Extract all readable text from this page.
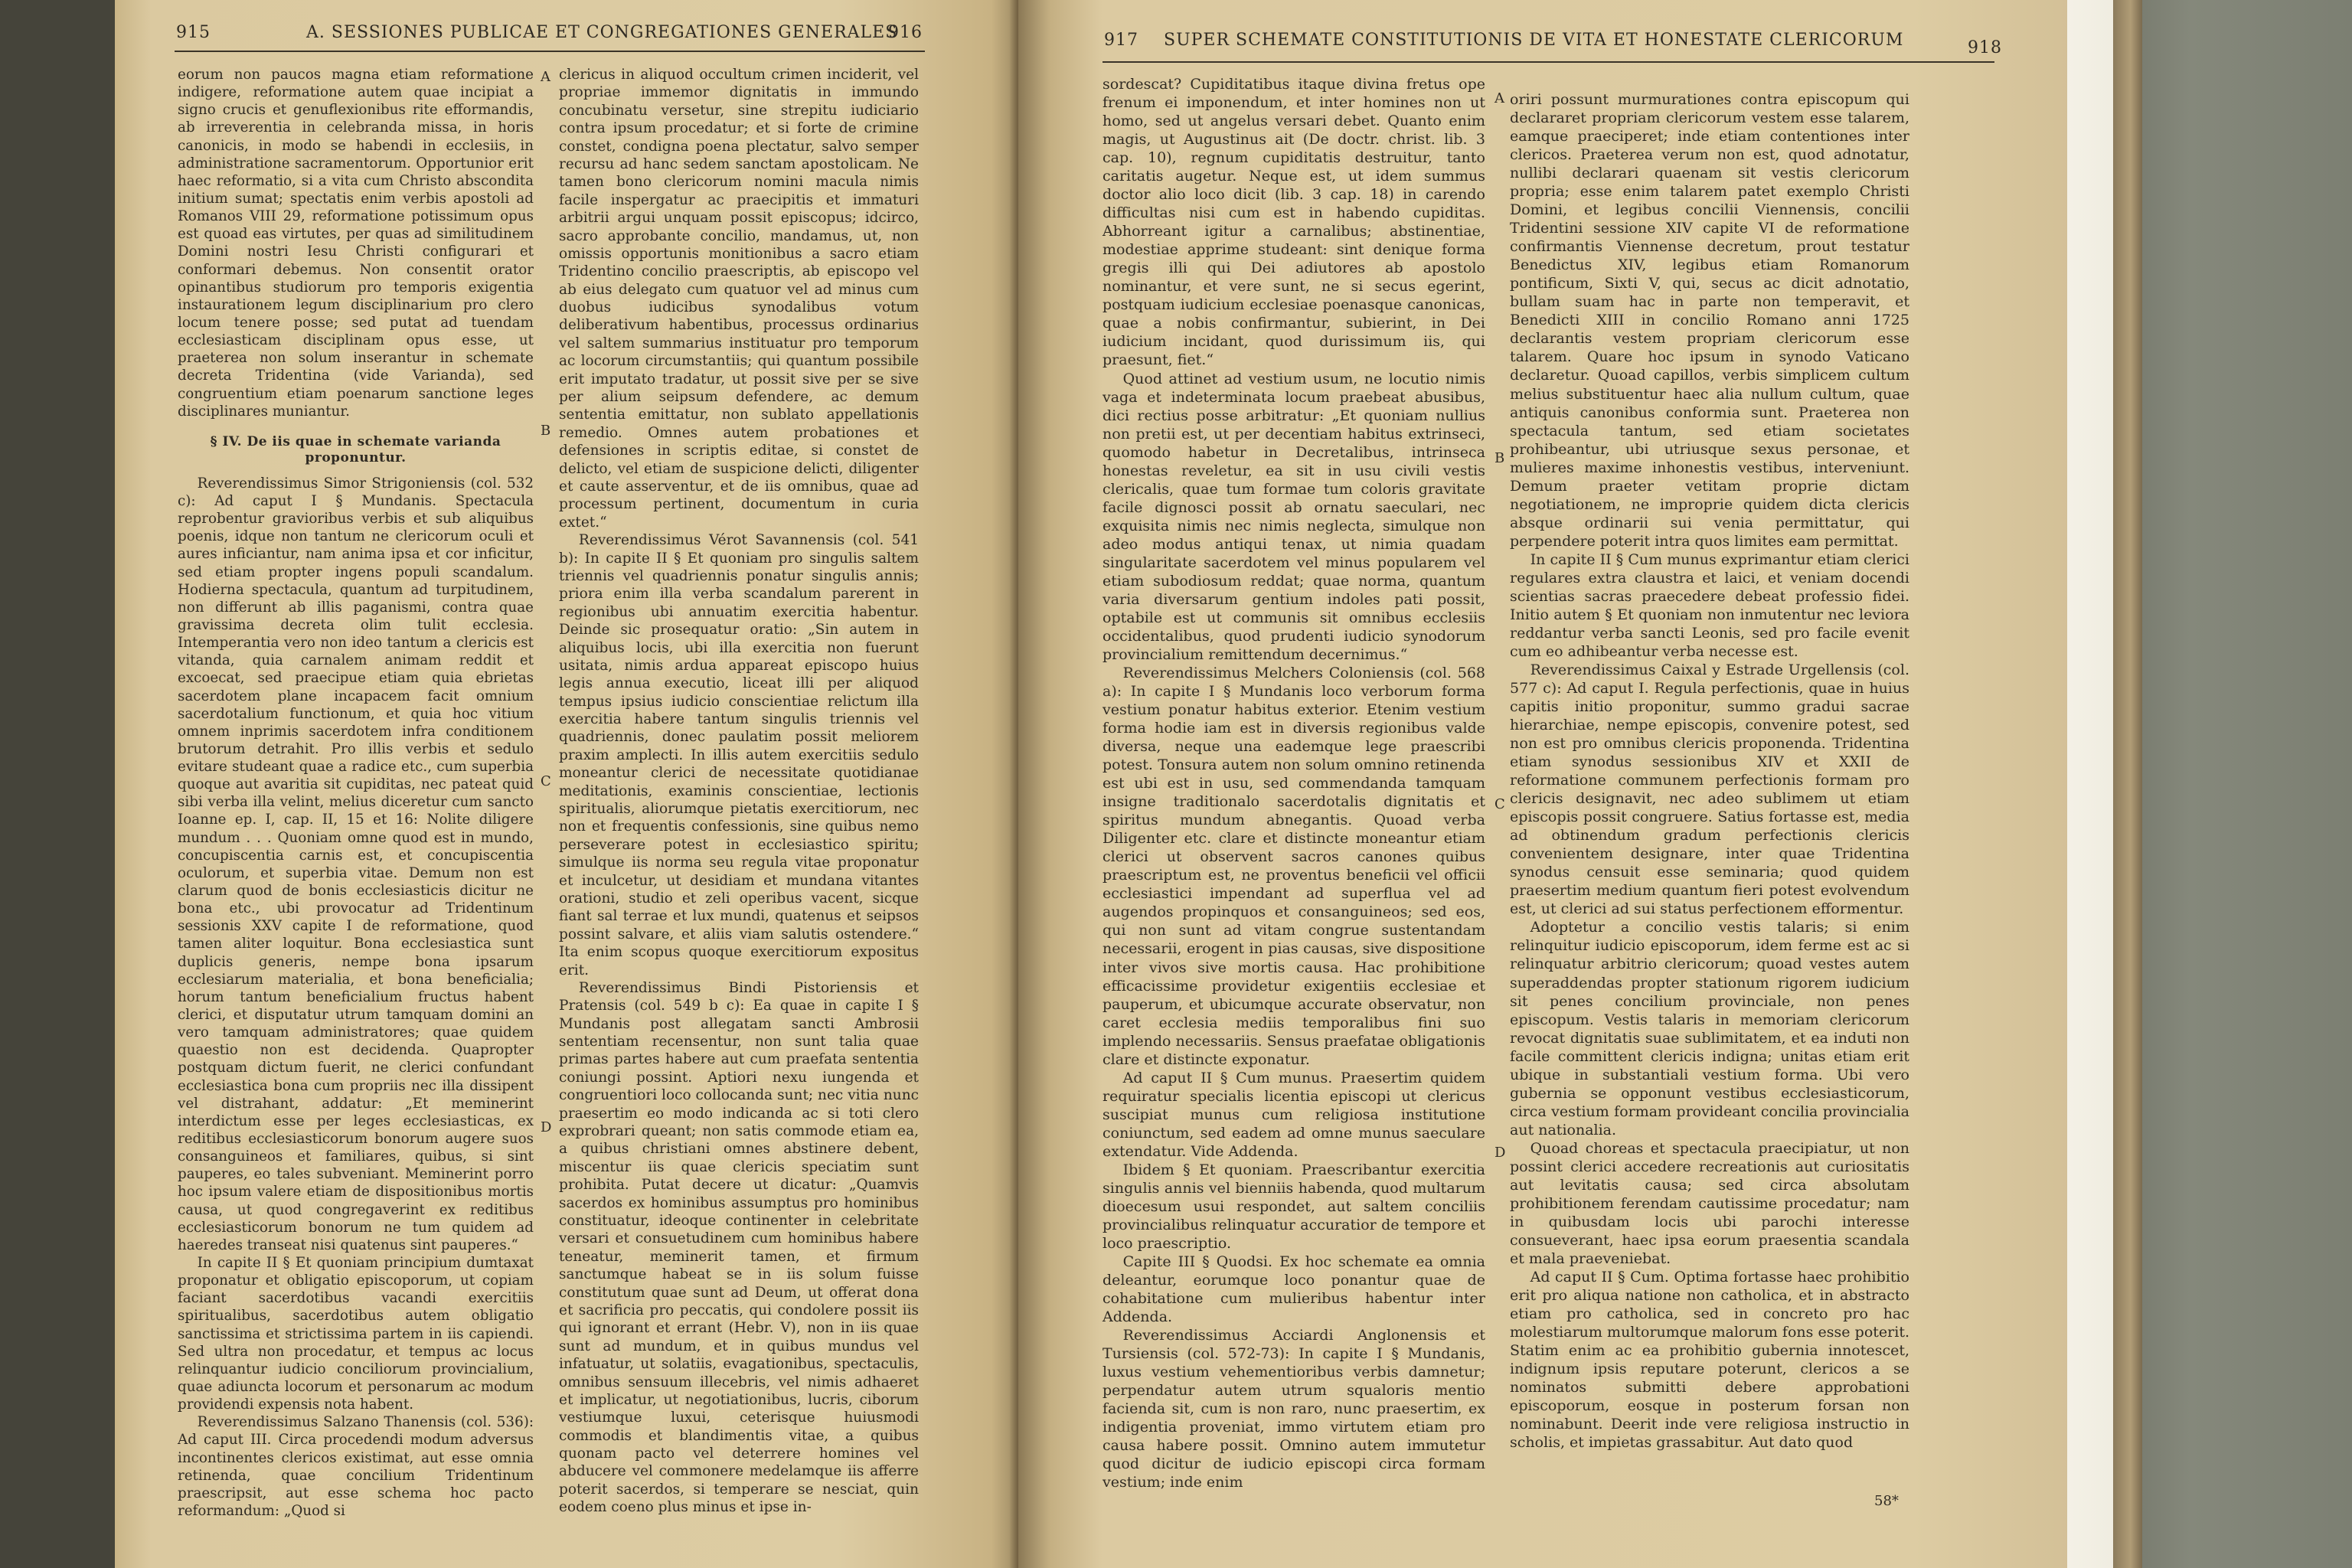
915	A. SESSIONES PUBLICAE ET CONGREGATIONES GENERALES
916
eorum non paucos magna etiam reformatione indigere, reformatione autem quae incipiat a signo crucis et genuflexionibus rite efformandis, ab irreverentia in celebranda missa, in horis canonicis, in modo se habendi in ecclesiis, in administratione sacramentorum. Opportunior erit haec reformatio, si a vita cum Christo abscondita initium sumat; spectatis enim verbis apostoli ad Romanos VIII 29, reformatione potissimum opus est quoad eas virtutes, per quas ad similitudinem Domini nostri Iesu Christi configurari et conformari debemus. Non consentit orator opinantibus studiorum pro temporis exigentia instaurationem legum disciplinarium pro clero locum tenere posse; sed putat ad tuendam ecclesiasticam disciplinam opus esse, ut praeterea non solum inserantur in schemate decreta Tridentina (vide Variandа), sed congruentium etiam poenarum sanctione leges disciplinares muniantur.
§ IV. De iis quae in schemate varianda proponuntur.
Reverendissimus Simor Strigoniensis (col. 532 c): Ad caput I § Mundanis. Spectacula reprobentur gravioribus verbis et sub aliquibus poenis, idque non tantum ne clericorum oculi et aures inficiantur, nam anima ipsa et cor inficitur, sed etiam propter ingens populi scandalum. Hodierna spectacula, quantum ad turpitudinem, non differunt ab illis paganismi, contra quae gravissima decreta olim tulit ecclesia. Intemperantia vero non ideo tantum a clericis est vitanda, quia carnalem animam reddit et excoecat, sed praecipue etiam quia ebrietas sacerdotem plane incapacem facit omnium sacerdotalium functionum, et quia hoc vitium omnem inprimis sacerdotem infra conditionem brutorum detrahit. Pro illis verbis et sedulo evitare studeant quae a radice etc., cum superbia quoque aut avaritia sit cupiditas, nec pateat quid sibi verba illa velint, melius diceretur cum sancto Ioanne ep. I, cap. II, 15 et 16: Nolite diligere mundum . . . Quoniam omne quod est in mundo, concupiscentia carnis est, et concupiscentia oculorum, et superbia vitae. Demum non est clarum quod de bonis ecclesiasticis dicitur ne bona etc., ubi provocatur ad Tridentinum sessionis XXV capite I de reformatione, quod tamen aliter loquitur. Bona ecclesiastica sunt duplicis generis, nempe bona ipsarum ecclesiarum materialia, et bona beneficialia; horum tantum beneficialium fructus habent clerici, et disputatur utrum tamquam domini an vero tamquam administratores; quae quidem quaestio non est decidenda. Quapropter postquam dictum fuerit, ne clerici confundant ecclesiastica bona cum propriis nec illa dissipent vel distrahant, addatur: „Et meminerint interdictum esse per leges ecclesiasticas, ex reditibus ecclesiasticorum bonorum augere suos consanguineos et familiares, quibus, si sint pauperes, eo tales subveniant. Meminerint porro hoc ipsum valere etiam de dispositionibus mortis causa, ut quod congregaverint ex reditibus ecclesiasticorum bonorum ne tum quidem ad haeredes transeat nisi quatenus sint pauperes.“
In capite II § Et quoniam principium dumtaxat proponatur et obligatio episcoporum, ut copiam faciant sacerdotibus vacandi exercitiis spiritualibus, sacerdotibus autem obligatio sanctissima et strictissima partem in iis capiendi. Sed ultra non procedatur, et tempus ac locus relinquantur iudicio conciliorum provincialium, quae adiuncta locorum et personarum ac modum providendi expensis nota habent.
Reverendissimus Salzano Thanensis (col. 536): Ad caput III. Circa procedendi modum adversus incontinentes clericos existimat, aut esse omnia retinenda, quae concilium Tridentinum praescripsit, aut esse schema hoc pacto reformandum: „Quod si
clericus in aliquod occultum crimen inciderit, vel propriae immemor dignitatis in immundo concubinatu versetur, sine strepitu iudiciario contra ipsum procedatur; et si forte de crimine constet, condigna poena plectatur, salvo semper recursu ad hanc sedem sanctam apostolicam. Ne tamen bono clericorum nomini macula nimis facile inspergatur ac praecipitis et immaturi arbitrii argui unquam possit episcopus; idcirco, sacro approbante concilio, mandamus, ut, non omissis opportunis monitionibus a sacro etiam Tridentino concilio praescriptis, ab episcopo vel ab eius delegato cum quatuor vel ad minus cum duobus iudicibus synodalibus votum deliberativum habentibus, processus ordinarius vel saltem summarius instituatur pro temporum ac locorum circumstantiis; qui quantum possibile erit imputato tradatur, ut possit sive per se sive per alium seipsum defendere, ac demum sententia emittatur, non sublato appellationis remedio. Omnes autem probationes et defensiones in scriptis editae, si constet de delicto, vel etiam de suspicione delicti, diligenter et caute asserventur, et de iis omnibus, quae ad processum pertinent, documentum in curia extet.“
Reverendissimus Vérot Savannensis (col. 541 b): In capite II § Et quoniam pro singulis saltem triennis vel quadriennis ponatur singulis annis; priora enim illa verba scandalum parerent in regionibus ubi annuatim exercitia habentur. Deinde sic prosequatur oratio: „Sin autem in aliquibus locis, ubi illa exercitia non fuerunt usitata, nimis ardua appareat episcopo huius legis annua executio, liceat illi per aliquod tempus ipsius iudicio conscientiae relictum illa exercitia habere tantum singulis triennis vel quadriennis, donec paulatim possit meliorem praxim amplecti. In illis autem exercitiis sedulo moneantur clerici de necessitate quotidianae meditationis, examinis conscientiae, lectionis spiritualis, aliorumque pietatis exercitiorum, nec non et frequentis confessionis, sine quibus nemo perseverare potest in ecclesiastico spiritu; simulque iis norma seu regula vitae proponatur et inculcetur, ut desidiam et mundana vitantes orationi, studio et zeli operibus vacent, sicque fiant sal terrae et lux mundi, quatenus et seipsos possint salvare, et aliis viam salutis ostendere.“ Ita enim scopus quoque exercitiorum expositus erit.
Reverendissimus Bindi Pistoriensis et Pratensis (col. 549 b c): Ea quae in capite I § Mundanis post allegatam sancti Ambrosii sententiam recensentur, non sunt talia quae primas partes habere aut cum praefata sententia coniungi possint. Aptiori nexu iungenda et congruentiori loco collocanda sunt; nec vitia nunc praesertim eo modo indicanda ac si toti clero exprobrari queant; non satis commode etiam ea, a quibus christiani omnes abstinere debent, miscentur iis quae clericis speciatim sunt prohibita. Putat decere ut dicatur: „Quamvis sacerdos ex hominibus assumptus pro hominibus constituatur, ideoque continenter in celebritate versari et consuetudinem cum hominibus habere teneatur, meminerit tamen, et firmum sanctumque habeat se in iis solum fuisse constitutum quae sunt ad Deum, ut offerat dona et sacrificia pro peccatis, qui condolere possit iis qui ignorant et errant (Hebr. V), non in iis quae sunt ad mundum, et in quibus mundus vel infatuatur, ut solatiis, evagationibus, spectaculis, omnibus sensuum illecebris, vel nimis adhaeret et implicatur, ut negotiationibus, lucris, ciborum vestiumque luxui, ceterisque huiusmodi commodis et blandimentis vitae, a quibus quonam pacto vel deterrere homines vel abducere vel commonere medelamque iis afferre poterit sacerdos, si temperare se nesciat, quin eodem coeno plus minus et ipse in-
A
B
C
D
917 SUPER SCHEMATE CONSTITUTIONIS DE VITA ET HONESTATE CLERICORUM	918
sordescat? Cupiditatibus itaque divina fretus ope frenum ei imponendum, et inter homines non ut homo, sed ut angelus versari debet. Quanto enim magis, ut Augustinus ait (De doctr. christ. lib. 3 cap. 10), regnum cupiditatis destruitur, tanto caritatis augetur. Neque est, ut idem summus doctor alio loco dicit (lib. 3 cap. 18) in carendo difficultas nisi cum est in habendo cupiditas. Abhorreant igitur a carnalibus; abstinentiae, modestiae apprime studeant: sint denique forma gregis illi qui Dei adiutores ab apostolo nominantur, et vere sunt, ne si secus egerint, postquam iudicium ecclesiae poenasque canonicas, quae a nobis confirmantur, subierint, in Dei iudicium incidant, quod durissimum iis, qui praesunt, fiet.“
Quod attinet ad vestium usum, ne locutio nimis vaga et indeterminata locum praebeat abusibus, dici rectius posse arbitratur: „Et quoniam nullius non pretii est, ut per decentiam habitus extrinseci, quomodo habetur in Decretalibus, intrinseca honestas reveletur, ea sit in usu civili vestis clericalis, quae tum formae tum coloris gravitate facile dignosci possit ab ornatu saeculari, nec exquisita nimis nec nimis neglecta, simulque non adeo modus antiqui tenax, ut nimia quadam singularitate sacerdotem vel minus popularem vel etiam subodiosum reddat; quae norma, quantum varia diversarum gentium indoles pati possit, optabile est ut communis sit omnibus ecclesiis occidentalibus, quod prudenti iudicio synodorum provincialium remittendum decernimus.“
Reverendissimus Melchers Coloniensis (col. 568 a): In capite I § Mundanis loco verborum forma vestium ponatur habitus exterior. Etenim vestium forma hodie iam est in diversis regionibus valde diversa, neque una eademque lege praescribi potest. Tonsura autem non solum omnino retinenda est ubi est in usu, sed commendanda tamquam insigne traditionalo sacerdotalis dignitatis et spiritus mundum abnegantis. Quoad verba Diligenter etc. clare et distincte moneantur etiam clerici ut observent sacros canones quibus praescriptum est, ne proventus beneficii vel officii ecclesiastici impendant ad superflua vel ad augendos propinquos et consanguineos; sed eos, qui non sunt ad vitam congrue sustentandam necessarii, erogent in pias causas, sive dispositione inter vivos sive mortis causa. Hac prohibitione efficacissime providetur exigentiis ecclesiae et pauperum, et ubicumque accurate observatur, non caret ecclesia mediis temporalibus fini suo implendo necessariis. Sensus praefatae obligationis clare et distincte exponatur.
Ad caput II § Cum munus. Praesertim quidem requiratur specialis licentia episcopi ut clericus suscipiat munus cum religiosa institutione coniunctum, sed eadem ad omne munus saeculare extendatur. Vide Addenda.
Ibidem § Et quoniam. Praescribantur exercitia singulis annis vel bienniis habenda, quod multarum dioecesum usui respondet, aut saltem conciliis provincialibus relinquatur accuratior de tempore et loco praescriptio.
Capite III § Quodsi. Ex hoc schemate ea omnia deleantur, eorumque loco ponantur quae de cohabitatione cum mulieribus habentur inter Addenda.
Reverendissimus Acciardi Anglonensis et Tursiensis (col. 572-73): In capite I § Mundanis, luxus vestium vehementioribus verbis damnetur; perpendatur autem utrum squaloris mentio facienda sit, cum is non raro, nunc praesertim, ex indigentia proveniat, immo virtutem etiam pro causa habere possit. Omnino autem immutetur quod dicitur de iudicio episcopi circa formam vestium; inde enim
oriri possunt murmurationes contra episcopum qui declararet propriam clericorum vestem esse talarem, eamque praeciperet; inde etiam contentiones inter clericos. Praeterea verum non est, quod adnotatur, nullibi declarari quaenam sit vestis clericorum propria; esse enim talarem patet exemplo Christi Domini, et legibus concilii Viennensis, concilii Tridentini sessione XIV capite VI de reformatione confirmantis Viennense decretum, prout testatur Benedictus XIV, legibus etiam Romanorum pontificum, Sixti V, qui, secus ac dicit adnotatio, bullam suam hac in parte non temperavit, et Benedicti XIII in concilio Romano anni 1725 declarantis vestem propriam clericorum esse talarem. Quare hoc ipsum in synodo Vaticano declaretur. Quoad capillos, verbis simplicem cultum melius substituentur haec alia nullum cultum, quae antiquis canonibus conformia sunt. Praeterea non spectacula tantum, sed etiam societates prohibeantur, ubi utriusque sexus personae, et mulieres maxime inhonestis vestibus, interveniunt. Demum praeter vetitam proprie dictam negotiationem, ne improprie quidem dicta clericis absque ordinarii sui venia permittatur, qui perpendere poterit intra quos limites eam permittat.
In capite II § Cum munus exprimantur etiam clerici regulares extra claustra et laici, et veniam docendi scientias sacras praecedere debeat professio fidei. Initio autem § Et quoniam non inmutentur nec leviora reddantur verba sancti Leonis, sed pro facile evenit cum eo adhibeantur verba necesse est.
Reverendissimus Caixal y Estrade Urgellensis (col. 577 c): Ad caput I. Regula perfectionis, quae in huius capitis initio proponitur, summo gradui sacrae hierarchiae, nempe episcopis, convenire potest, sed non est pro omnibus clericis proponenda. Tridentina etiam synodus sessionibus XIV et XXII de reformatione communem perfectionis formam pro clericis designavit, nec adeo sublimem ut etiam episcopis possit congruere. Satius fortasse est, media ad obtinendum gradum perfectionis clericis convenientem designare, inter quae Tridentina synodus censuit esse seminaria; quod quidem praesertim medium quantum fieri potest evolvendum est, ut clerici ad sui status perfectionem efformentur.
Adoptetur a concilio vestis talaris; si enim relinquitur iudicio episcoporum, idem ferme est ac si relinquatur arbitrio clericorum; quoad vestes autem superaddendas propter stationum rigorem iudicium sit penes concilium provinciale, non penes episcopum. Vestis talaris in memoriam clericorum revocat dignitatis suae sublimitatem, et ea induti non facile committent clericis indigna; unitas etiam erit ubique in substantiali vestium forma. Ubi vero gubernia se opponunt vestibus ecclesiasticorum, circa vestium formam provideant concilia provincialia aut nationalia.
Quoad choreas et spectacula praecipiatur, ut non possint clerici accedere recreationis aut curiositatis aut levitatis causa; sed circa absolutam prohibitionem ferendam cautissime procedatur; nam in quibusdam locis ubi parochi interesse consueverant, haec ipsa eorum praesentia scandala et mala praeveniebat.
Ad caput II § Cum. Optima fortasse haec prohibitio erit pro aliqua natione non catholica, et in abstracto etiam pro catholica, sed in concreto pro hac molestiarum multorumque malorum fons esse poterit. Statim enim ac ea prohibitio gubernia innotescet, indignum ipsis reputare poterunt, clericos a se nominatos submitti debere approbationi episcoporum, eosque in posterum forsan non nominabunt. Deerit inde vere religiosa instructio in scholis, et impietas grassabitur. Aut dato quod
A
B
C
D
58*
